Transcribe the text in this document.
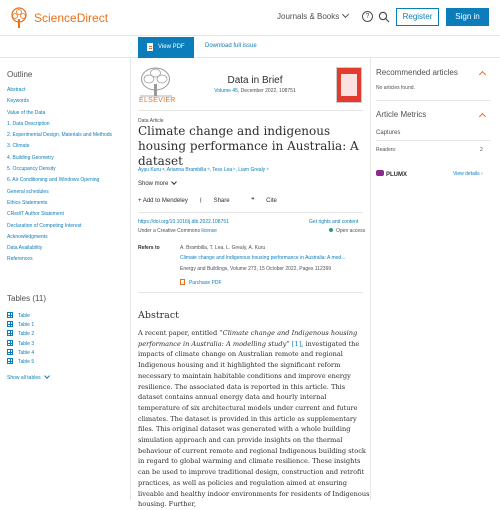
ScienceDirect	Journals & Books	?	Register	Sign in
View PDF	Download full issue
Outline
Abstract
Keywords
Value of the Data
1. Data Description
2. Experimental Design, Materials and Methods
3. Climate
4. Building Geometry
5. Occupancy Density
6. Air Conditioning and Windows Opening
General schedules
Ethics Statements
CRediT Author Statement
Declaration of Competing Interest
Acknowledgments
Data Availability
References
Tables (11)
Table
Table 1
Table 2
Table 3
Table 4
Table 5
Show all tables
ELSEVIER
Data in Brief
Volume 45, December 2022, 108751
Data Article
Climate change and indigenous housing performance in Australia: A dataset
Ayşu Kuru ᵃ, Arianna Brambilla ᵇ, Tess Lea ᵇ, Liam Grealy ᵇ
Show more
+ Add to Mendeley ⟨ Share	❞ Cite
https://doi.org/10.1016/j.dib.2022.108751	Get rights and content
Under a Creative Commons license	Open access
Refers to	A. Brambilla, T. Lea, L. Grealy, A. Kuru
Climate change and Indigenous housing performance in Australia: A mod...
Energy and Buildings, Volume 273, 15 October 2022, Pages 112399
Purchase PDF
Abstract
A recent paper, entitled “Climate change and Indigenous housing performance in Australia: A modelling study” [1], investigated the impacts of climate change on Australian remote and regional Indigenous housing and it highlighted the significant reform necessary to maintain habitable conditions and improve energy resilience. The associated data is reported in this article. This dataset contains annual energy data and hourly internal temperature of six architectural models under current and future climates. The dataset is provided in this article as supplementary files. This original dataset was generated with a whole building simulation approach and can provide insights on the thermal behaviour of current remote and regional Indigenous building stock in regard to global warming and climate resilience. These insights can be used to improve traditional design, construction and retrofit practices, as well as policies and regulation aimed at ensuring liveable and healthy indoor environments for residents of Indigenous housing. Further,
Recommended articles
No articles found.
Article Metrics
Captures
Readers:	2
PLUMX	View details ›
